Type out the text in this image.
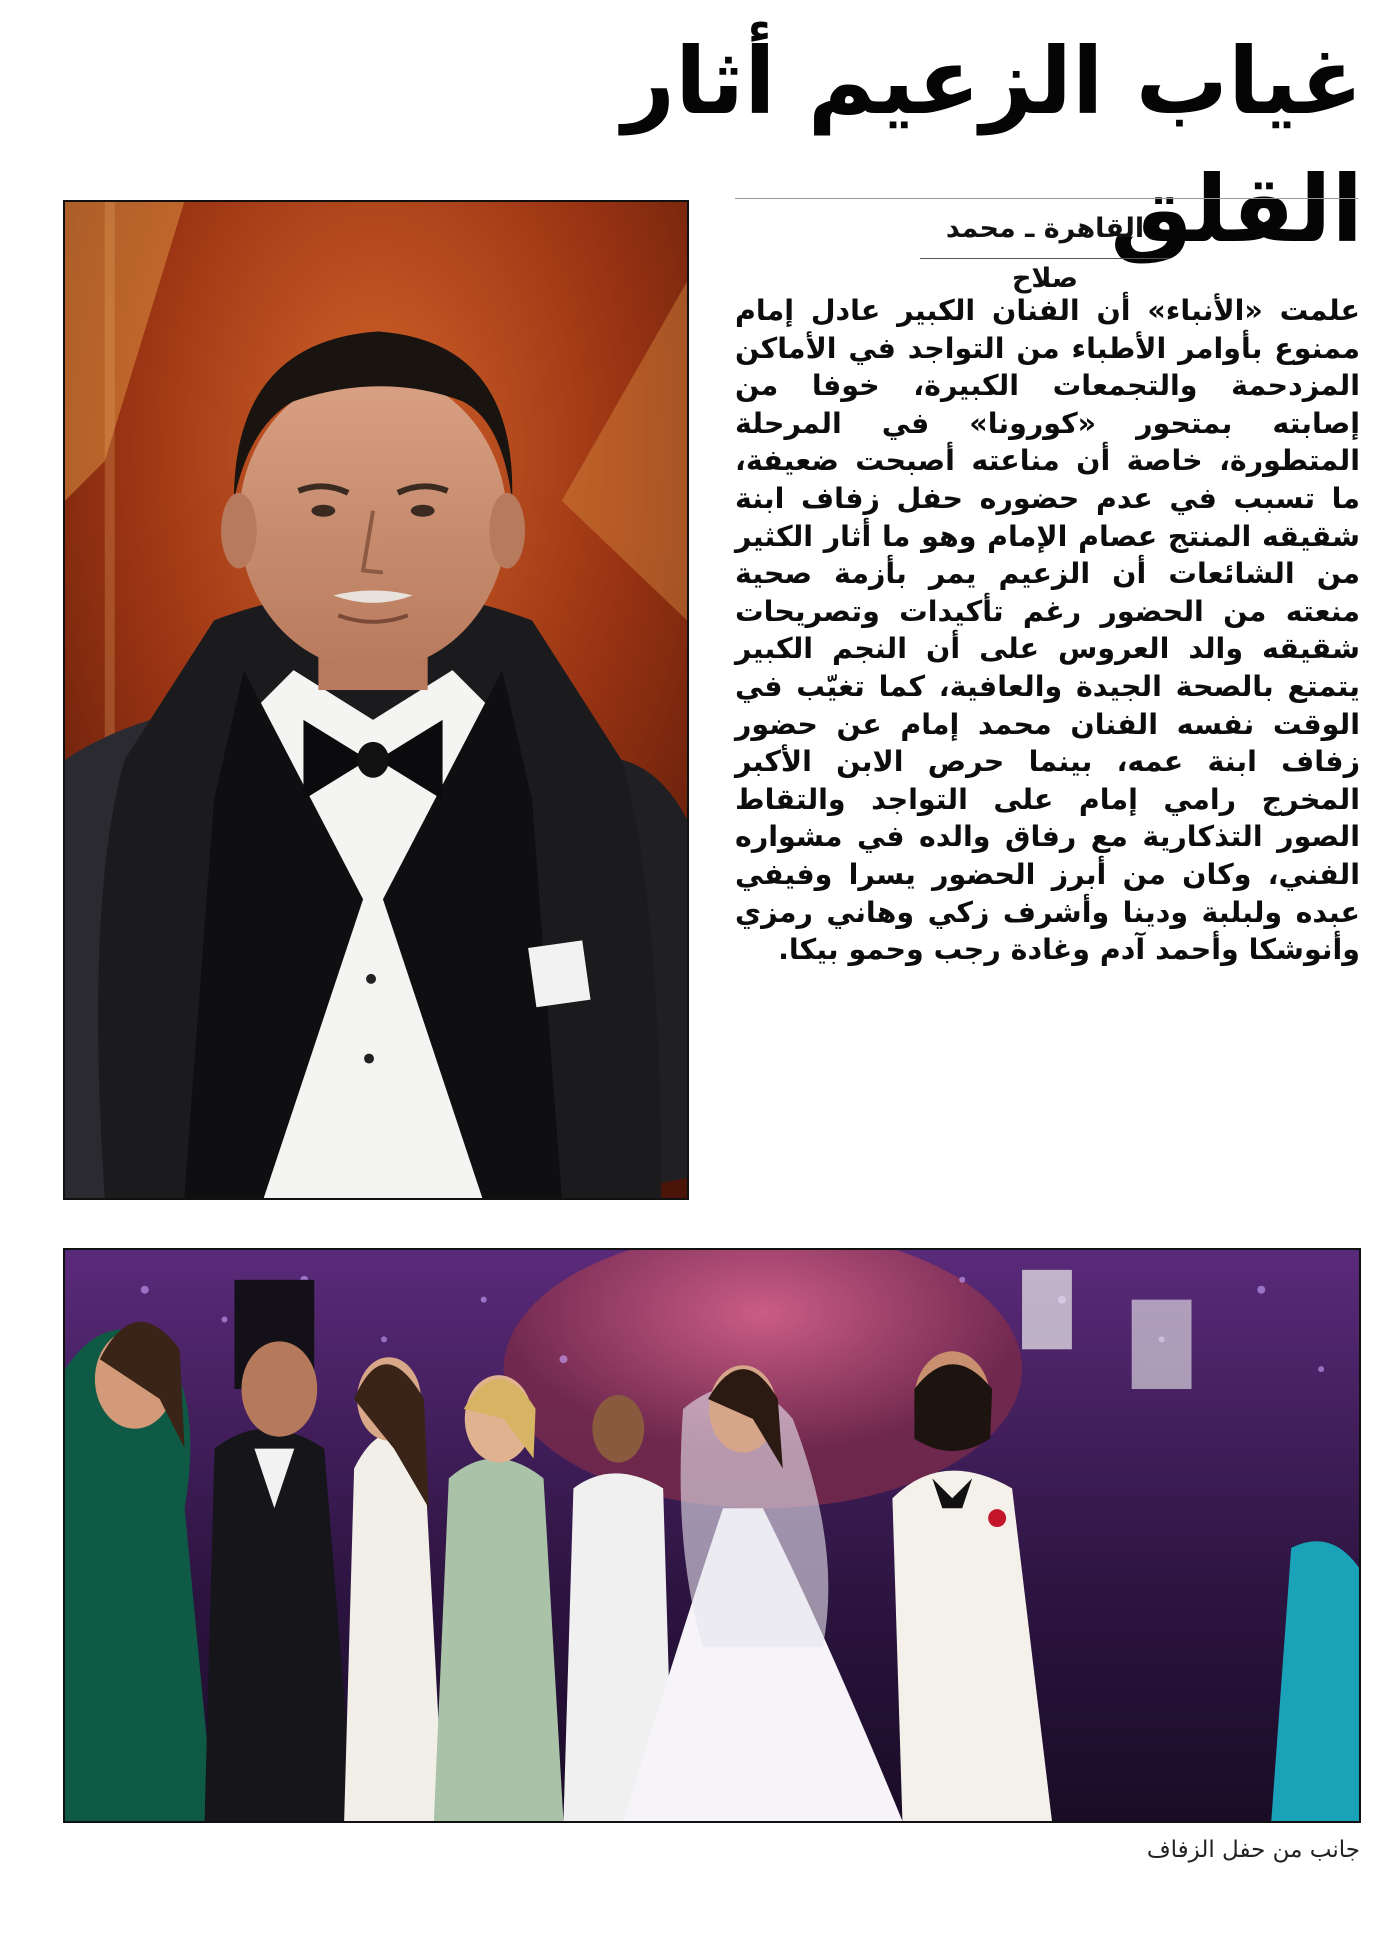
غياب الزعيم أثار القلق
القاهرة ـ محمد صلاح

علمت «الأنباء» أن الفنان الكبير عادل إمام ممنوع بأوامر الأطباء من التواجد في الأماكن المزدحمة والتجمعات الكبيرة، خوفا من إصابته بمتحور «كورونا» في المرحلة المتطورة، خاصة أن مناعته أصبحت ضعيفة، ما تسبب في عدم حضوره حفل زفاف ابنة شقيقه المنتج عصام الإمام وهو ما أثار الكثير من الشائعات أن الزعيم يمر بأزمة صحية منعته من الحضور رغم تأكيدات وتصريحات شقيقه والد العروس على أن النجم الكبير يتمتع بالصحة الجيدة والعافية، كما تغيّب في الوقت نفسه الفنان محمد إمام عن حضور زفاف ابنة عمه، بينما حرص الابن الأكبر المخرج رامي إمام على التواجد والتقاط الصور التذكارية مع رفاق والده في مشواره الفني، وكان من أبرز الحضور يسرا وفيفي عبده ولبلبة ودينا وأشرف زكي وهاني رمزي وأنوشكا وأحمد آدم وغادة رجب وحمو بيكا.

جانب من حفل الزفاف
